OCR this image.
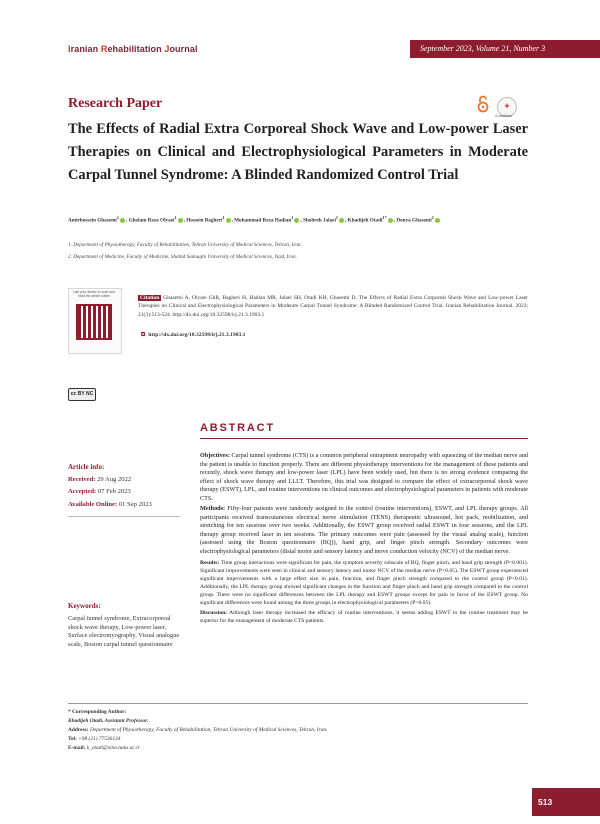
Iranian Rehabilitation Journal	September 2023, Volume 21, Number 3
Research Paper	✚
CrossMark
The Effects of Radial Extra Corporeal Shock Wave and Low-power Laser Therapies on Clinical and Electrophysiological Parameters in Moderate Carpal Tunnel Syndrome: A Blinded Randomized Control Trial
Amirhossein Ghasemi$^1$, Gholam Reza Olyaei$^1$, Hossein Bagheri$^1$, Mohammad Reza Hadian$^1$, Shohreh Jalaei$^1$, Khadijeh Otadi$^{1*}$, Donya Ghasemi$^2$
1. Department of Physiotherapy, Faculty of Rehabilitation, Tehran University of Medical Sciences, Tehran, Iran.
2. Department of Medicine, Faculty of Medicine, Shahid Sadoughi University of Medical Sciences, Yazd, Iran.
Use your device to scan and read the article online	Citation Ghasemi A, Olyaei GhR, Bagheri H, Hadian MR, Jalaei SH, Otadi KH, Ghasemi D. The Effects of Radial Extra Corporeal Shock Wave and Low-power Laser Therapies on Clinical and Electrophysiological Parameters in Moderate Carpal Tunnel Syndrome: A Blinded Randomized Control Trial. Iranian Rehabilitation Journal. 2023; 21(3):513-524. http://dx.doi.org/10.32598/irj.21.3.1903.1
⧉ http://dx.doi.org/10.32598/irj.21.3.1903.1
cc BY NC
ABSTRACT
Article info:
Received: 29 Aug 2022
Accepted: 07 Feb 2023
Available Online: 01 Sep 2023
Keywords:
Carpal tunnel syndrome, Extracorporeal shock wave therapy, Low-power laser, Surface electromyography, Visual analogue scale, Boston carpal tunnel questionnaire

Objectives: Carpal tunnel syndrome (CTS) is a common peripheral entrapment neuropathy with squeezing of the median nerve and the patient is unable to function properly. There are different physiotherapy interventions for the management of these patients and recently, shock wave therapy and low-power laser (LPL) have been widely used, but there is no strong evidence comparing the effect of shock wave therapy and LLLT. Therefore, this trial was designed to compare the effect of extracorporeal shock wave therapy (ESWT), LPL, and routine interventions on clinical outcomes and electrophysiological parameters in patients with moderate CTS.

Methods: Fifty-four patients were randomly assigned to the control (routine interventions), ESWT, and LPL therapy groups. All participants received transcutaneous electrical nerve stimulation (TENS) therapeutic ultrasound, hot pack, mobilization, and stretching for ten sessions over two weeks. Additionally, the ESWT group received radial ESWT in four sessions, and the LPL therapy group received laser in ten sessions. The primary outcomes were pain (assessed by the visual analog scale), function (assessed using the Boston questionnaire (BQ)), hand grip, and finger pinch strength. Secondary outcomes were electrophysiological parameters (distal motor and sensory latency and nerve conduction velocity (NCV) of the median nerve.

Results: Time group interactions were significant for pain, the symptom severity subscale of BQ, finger pinch, and hand grip strength (P<0.001). Significant improvements were seen in clinical and sensory latency and motor NCV of the median nerve (P<0.05). The ESWT group experienced significant improvements with a large effect size in pain, function, and finger pinch strength compared to the control group (P<0.01). Additionally, the LPL therapy group showed significant changes in the function and finger pinch and hand grip strength compared to the control group. There were no significant differences between the LPL therapy and ESWT groups except for pain in favor of the ESWT group. No significant differences were found among the three groups in electrophysiological parameters (P>0.05).

Discussion: Although laser therapy increased the efficacy of routine interventions, it seems adding ESWT to the routine treatment may be superior for the management of moderate CTS patients.

* Corresponding Author:
Khadijeh Otadi, Assistant Professor.
Address: Department of Physiotherapy, Faculty of Rehabilitation, Tehran University of Medical Sciences, Tehran, Iran.
Tel: +98 (21) 77536134
E-mail: k_otadi@sina.tums.ac.ir
513
